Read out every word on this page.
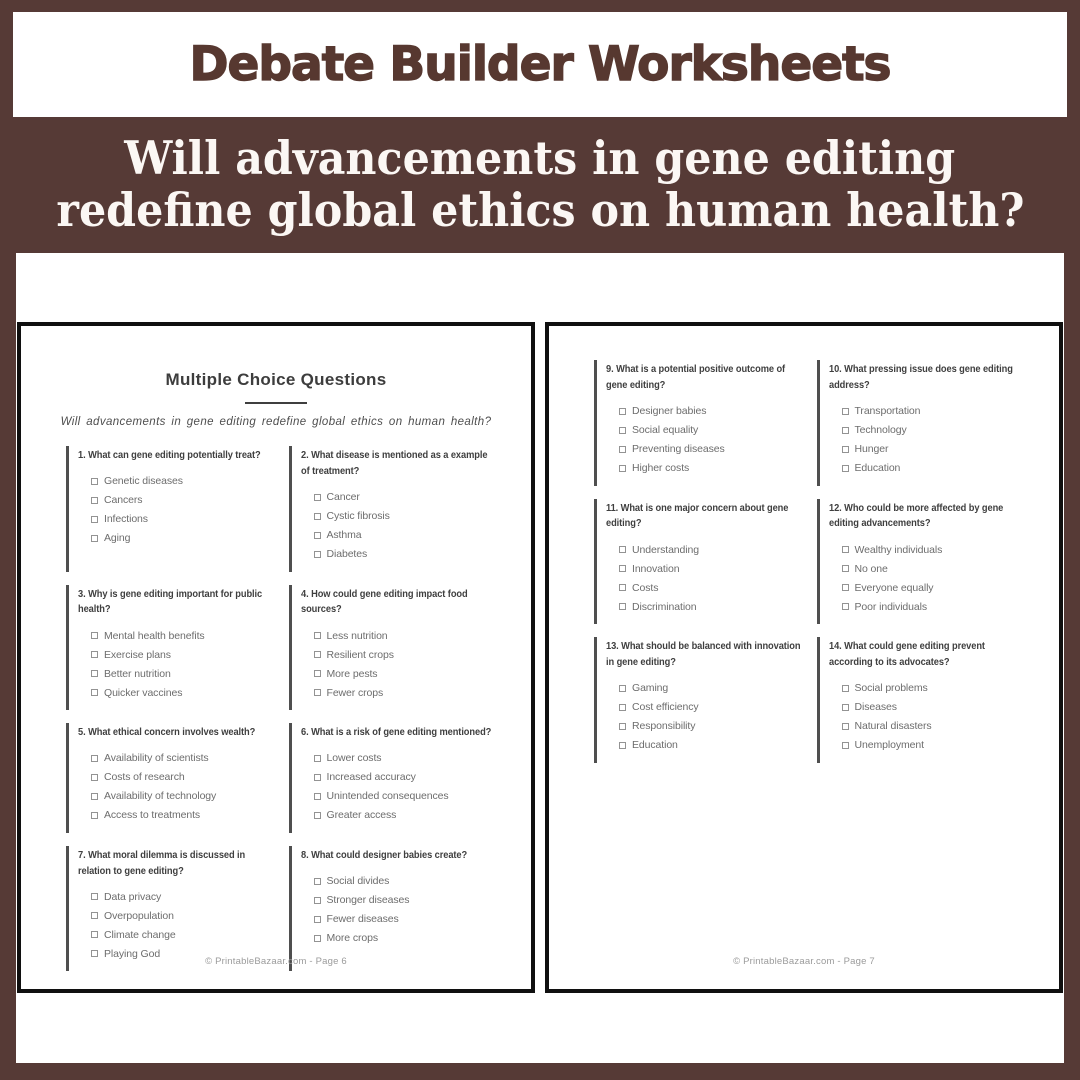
Debate Builder Worksheets
Will advancements in gene editing
redefine global ethics on human health?
Multiple Choice Questions
Will advancements in gene editing redefine global ethics on human health?
1. What can gene editing potentially treat?
Genetic diseases
Cancers
Infections
Aging
2. What disease is mentioned as a example of treatment?
Cancer
Cystic fibrosis
Asthma
Diabetes
3. Why is gene editing important for public health?
Mental health benefits
Exercise plans
Better nutrition
Quicker vaccines
4. How could gene editing impact food sources?
Less nutrition
Resilient crops
More pests
Fewer crops
5. What ethical concern involves wealth?
Availability of scientists
Costs of research
Availability of technology
Access to treatments
6. What is a risk of gene editing mentioned?
Lower costs
Increased accuracy
Unintended consequences
Greater access
7. What moral dilemma is discussed in relation to gene editing?
Data privacy
Overpopulation
Climate change
Playing God
8. What could designer babies create?
Social divides
Stronger diseases
Fewer diseases
More crops
© PrintableBazaar.com - Page 6
9. What is a potential positive outcome of gene editing?
Designer babies
Social equality
Preventing diseases
Higher costs
10. What pressing issue does gene editing address?
Transportation
Technology
Hunger
Education
11. What is one major concern about gene editing?
Understanding
Innovation
Costs
Discrimination
12. Who could be more affected by gene editing advancements?
Wealthy individuals
No one
Everyone equally
Poor individuals
13. What should be balanced with innovation in gene editing?
Gaming
Cost efficiency
Responsibility
Education
14. What could gene editing prevent according to its advocates?
Social problems
Diseases
Natural disasters
Unemployment
© PrintableBazaar.com - Page 7
